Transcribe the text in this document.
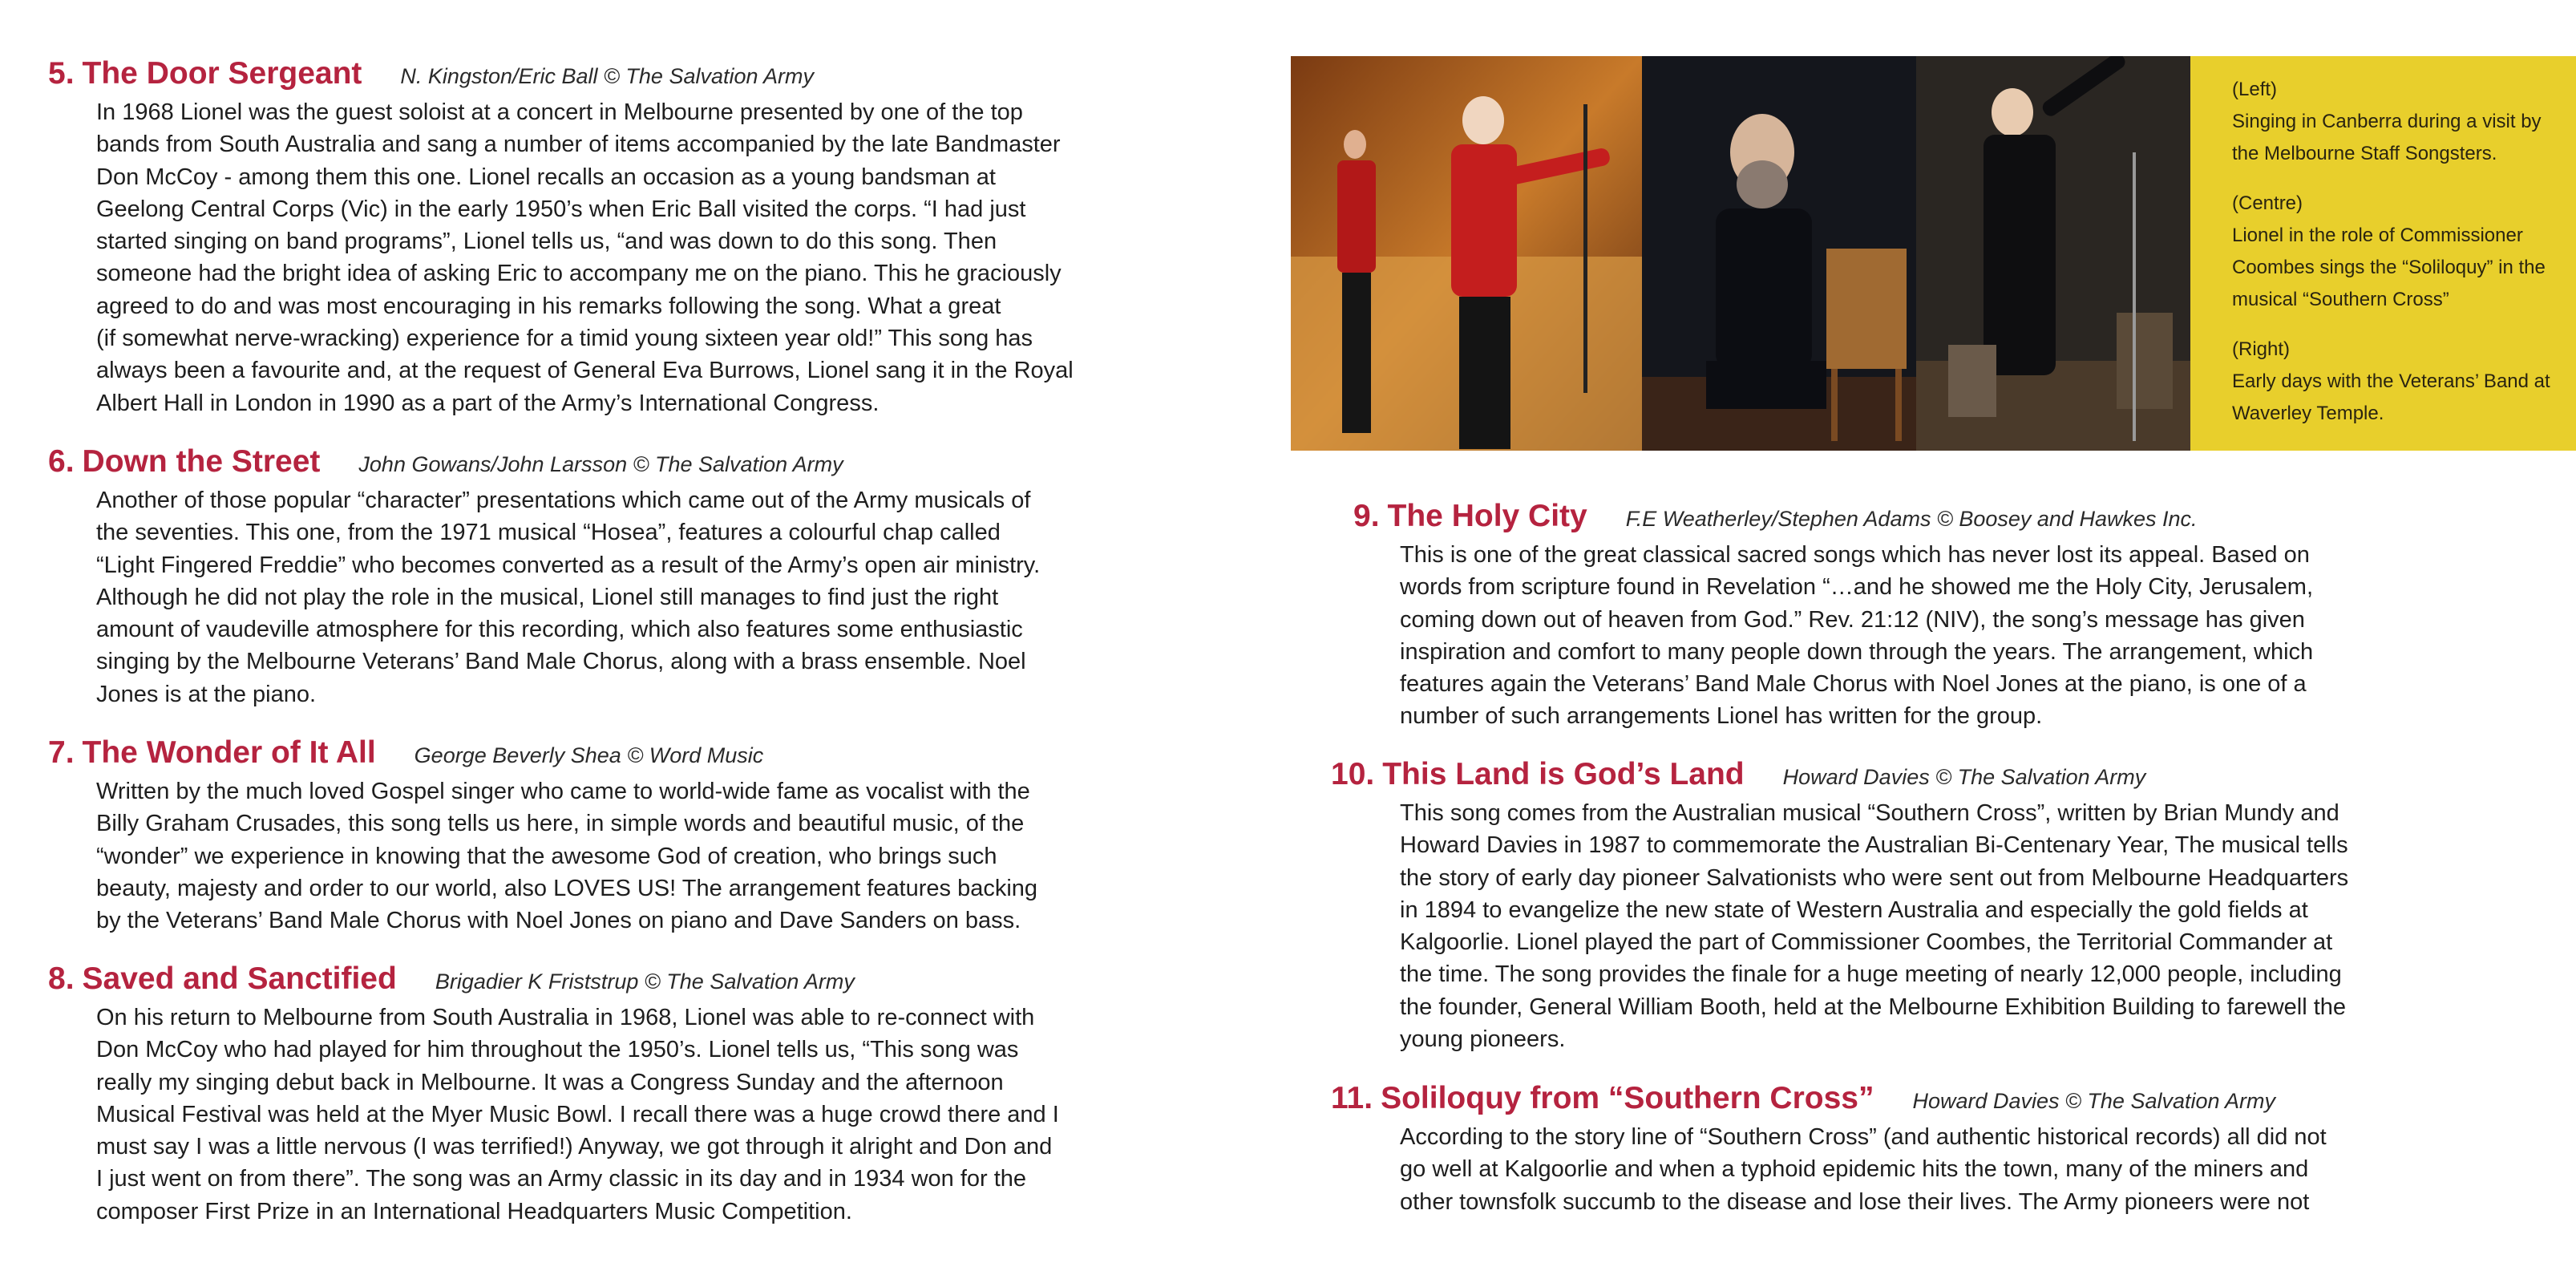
5. The Door Sergeant N. Kingston/Eric Ball © The Salvation Army
In 1968 Lionel was the guest soloist at a concert in Melbourne presented by one of the top
bands from South Australia and sang a number of items accompanied by the late Bandmaster
Don McCoy - among them this one. Lionel recalls an occasion as a young bandsman at
Geelong Central Corps (Vic) in the early 1950’s when Eric Ball visited the corps. “I had just
started singing on band programs”, Lionel tells us, “and was down to do this song. Then
someone had the bright idea of asking Eric to accompany me on the piano. This he graciously
agreed to do and was most encouraging in his remarks following the song. What a great
(if somewhat nerve-wracking) experience for a timid young sixteen year old!” This song has
always been a favourite and, at the request of General Eva Burrows, Lionel sang it in the Royal
Albert Hall in London in 1990 as a part of the Army’s International Congress.
6. Down the Street John Gowans/John Larsson © The Salvation Army
Another of those popular “character” presentations which came out of the Army musicals of
the seventies. This one, from the 1971 musical “Hosea”, features a colourful chap called
“Light Fingered Freddie” who becomes converted as a result of the Army’s open air ministry.
Although he did not play the role in the musical, Lionel still manages to find just the right
amount of vaudeville atmosphere for this recording, which also features some enthusiastic
singing by the Melbourne Veterans’ Band Male Chorus, along with a brass ensemble. Noel
Jones is at the piano.
7. The Wonder of It All George Beverly Shea © Word Music
Written by the much loved Gospel singer who came to world-wide fame as vocalist with the
Billy Graham Crusades, this song tells us here, in simple words and beautiful music, of the
“wonder” we experience in knowing that the awesome God of creation, who brings such
beauty, majesty and order to our world, also LOVES US! The arrangement features backing
by the Veterans’ Band Male Chorus with Noel Jones on piano and Dave Sanders on bass.
8. Saved and Sanctified Brigadier K Friststrup © The Salvation Army
On his return to Melbourne from South Australia in 1968, Lionel was able to re-connect with
Don McCoy who had played for him throughout the 1950’s. Lionel tells us, “This song was
really my singing debut back in Melbourne. It was a Congress Sunday and the afternoon
Musical Festival was held at the Myer Music Bowl. I recall there was a huge crowd there and I
must say I was a little nervous (I was terrified!) Anyway, we got through it alright and Don and
I just went on from there”. The song was an Army classic in its day and in 1934 won for the
composer First Prize in an International Headquarters Music Competition.
(Left)
Singing in Canberra during a visit by
the Melbourne Staff Songsters.
(Centre)
Lionel in the role of Commissioner
Coombes sings the “Soliloquy” in the
musical “Southern Cross”
(Right)
Early days with the Veterans’ Band at
Waverley Temple.
9. The Holy City F.E Weatherley/Stephen Adams © Boosey and Hawkes Inc.
This is one of the great classical sacred songs which has never lost its appeal. Based on
words from scripture found in Revelation “…and he showed me the Holy City, Jerusalem,
coming down out of heaven from God.” Rev. 21:12 (NIV), the song’s message has given
inspiration and comfort to many people down through the years. The arrangement, which
features again the Veterans’ Band Male Chorus with Noel Jones at the piano, is one of a
number of such arrangements Lionel has written for the group.
10. This Land is God’s Land Howard Davies © The Salvation Army
This song comes from the Australian musical “Southern Cross”, written by Brian Mundy and
Howard Davies in 1987 to commemorate the Australian Bi-Centenary Year, The musical tells
the story of early day pioneer Salvationists who were sent out from Melbourne Headquarters
in 1894 to evangelize the new state of Western Australia and especially the gold fields at
Kalgoorlie. Lionel played the part of Commissioner Coombes, the Territorial Commander at
the time. The song provides the finale for a huge meeting of nearly 12,000 people, including
the founder, General William Booth, held at the Melbourne Exhibition Building to farewell the
young pioneers.
11. Soliloquy from “Southern Cross” Howard Davies © The Salvation Army
According to the story line of “Southern Cross” (and authentic historical records) all did not
go well at Kalgoorlie and when a typhoid epidemic hits the town, many of the miners and
other townsfolk succumb to the disease and lose their lives. The Army pioneers were not
